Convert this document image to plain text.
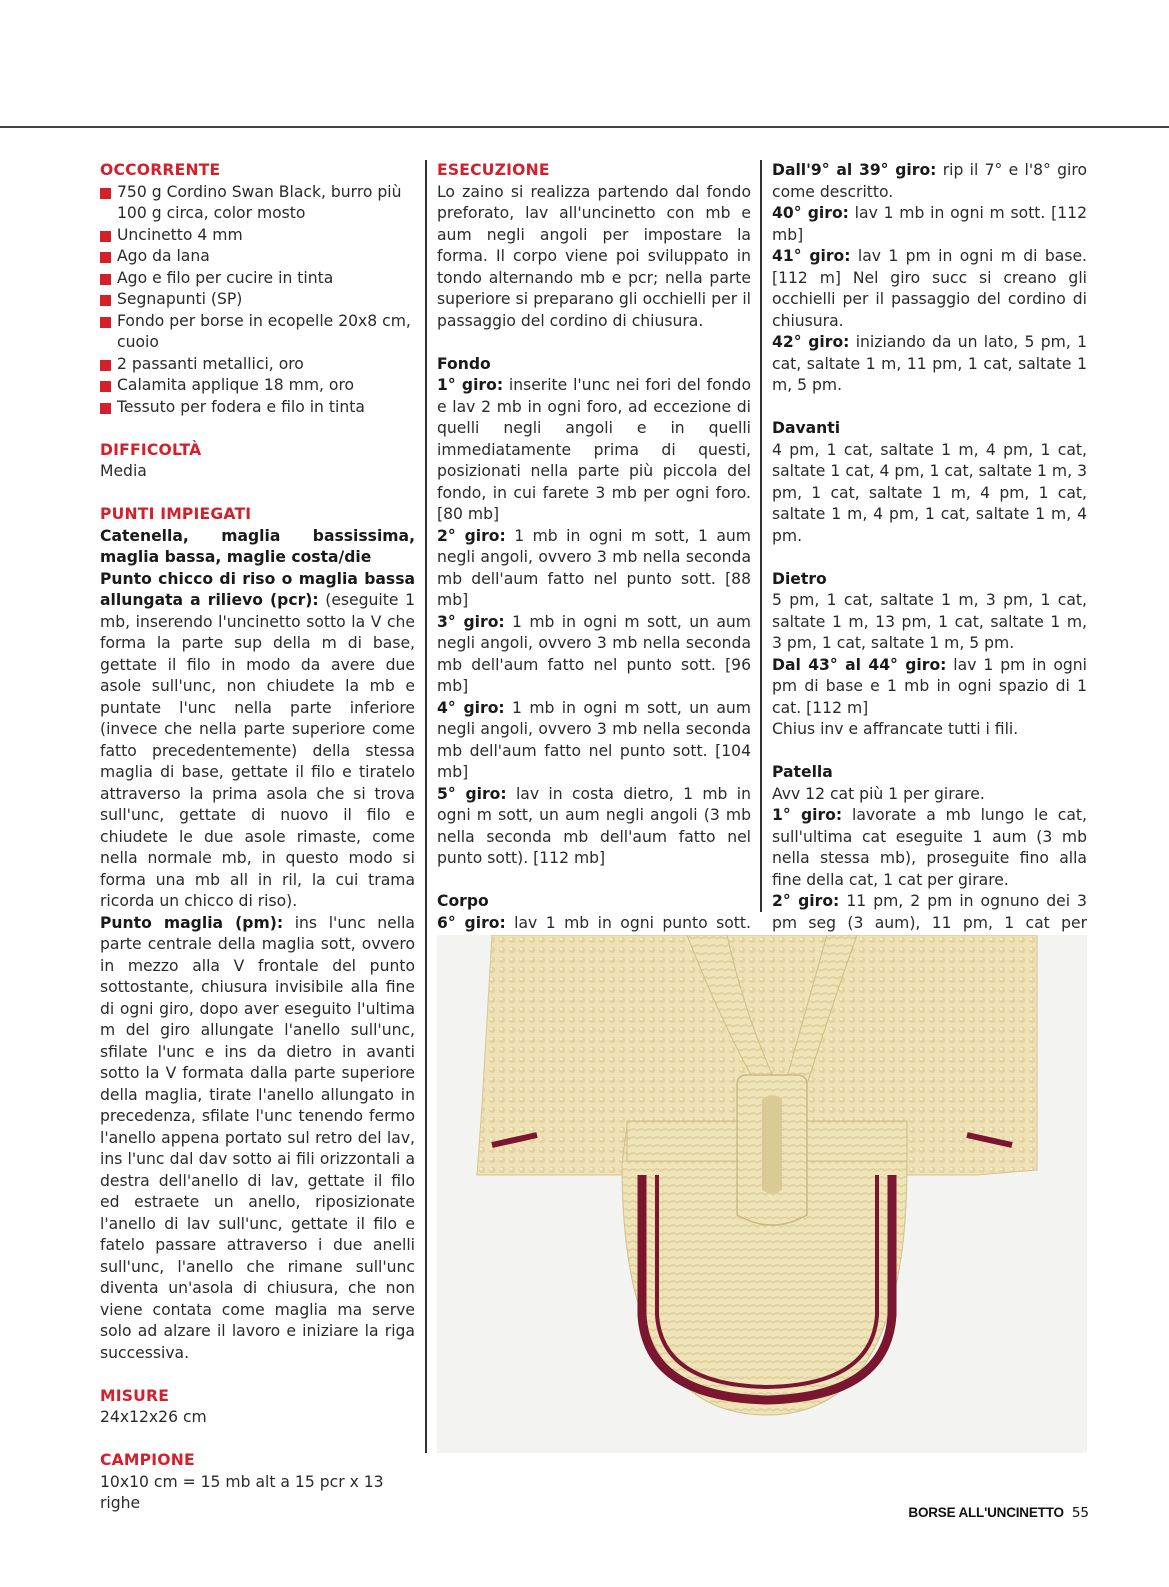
OCCORRENTE
750 g Cordino Swan Black, burro più 100 g circa, color mosto
Uncinetto 4 mm
Ago da lana
Ago e filo per cucire in tinta
Segnapunti (SP)
Fondo per borse in ecopelle 20x8 cm, cuoio
2 passanti metallici, oro
Calamita applique 18 mm, oro
Tessuto per fodera e filo in tinta
DIFFICOLTÀ

Media

PUNTI IMPIEGATI

Catenella, maglia bassissima, maglia bassa, maglie costa/die

Punto chicco di riso o maglia bassa allungata a rilievo (pcr): (eseguite 1 mb, inserendo l'uncinetto sotto la V che forma la parte sup della m di base, gettate il filo in modo da avere due asole sull'unc, non chiudete la mb e puntate l'unc nella parte inferiore (invece che nella parte superiore come fatto precedentemente) della stessa maglia di base, gettate il filo e tiratelo attraverso la prima asola che si trova sull'unc, gettate di nuovo il filo e chiudete le due asole rimaste, come nella normale mb, in questo modo si forma una mb all in ril, la cui trama ricorda un chicco di riso).

Punto maglia (pm): ins l'unc nella parte centrale della maglia sott, ovvero in mezzo alla V frontale del punto sottostante, chiusura invisibile alla fine di ogni giro, dopo aver eseguito l'ultima m del giro allungate l'anello sull'unc, sfilate l'unc e ins da dietro in avanti sotto la V formata dalla parte superiore della maglia, tirate l'anello allungato in precedenza, sfilate l'unc tenendo fermo l'anello appena portato sul retro del lav, ins l'unc dal dav sotto ai fili orizzontali a destra dell'anello di lav, gettate il filo ed estraete un anello, riposizionate l'anello di lav sull'unc, gettate il filo e fatelo passare attraverso i due anelli sull'unc, l'anello che rimane sull'unc diventa un'asola di chiusura, che non viene contata come maglia ma serve solo ad alzare il lavoro e iniziare la riga successiva.

MISURE

24x12x26 cm

CAMPIONE

10x10 cm = 15 mb alt a 15 pcr x 13 righe

ESECUZIONE

Lo zaino si realizza partendo dal fondo preforato, lav all'uncinetto con mb e aum negli angoli per impostare la forma. Il corpo viene poi sviluppato in tondo alternando mb e pcr; nella parte superiore si preparano gli occhielli per il passaggio del cordino di chiusura.

Fondo

1° giro: inserite l'unc nei fori del fondo e lav 2 mb in ogni foro, ad eccezione di quelli negli angoli e in quelli immediatamente prima di questi, posizionati nella parte più piccola del fondo, in cui farete 3 mb per ogni foro. [80 mb]

2° giro: 1 mb in ogni m sott, 1 aum negli angoli, ovvero 3 mb nella seconda mb dell'aum fatto nel punto sott. [88 mb]

3° giro: 1 mb in ogni m sott, un aum negli angoli, ovvero 3 mb nella seconda mb dell'aum fatto nel punto sott. [96 mb]

4° giro: 1 mb in ogni m sott, un aum negli angoli, ovvero 3 mb nella seconda mb dell'aum fatto nel punto sott. [104 mb]

5° giro: lav in costa dietro, 1 mb in ogni m sott, un aum negli angoli (3 mb nella seconda mb dell'aum fatto nel punto sott). [112 mb]

Corpo

6° giro: lav 1 mb in ogni punto sott.

Dall'9° al 39° giro: rip il 7° e l'8° giro come descritto.

40° giro: lav 1 mb in ogni m sott. [112 mb]

41° giro: lav 1 pm in ogni m di base. [112 m] Nel giro succ si creano gli occhielli per il passaggio del cordino di chiusura.

42° giro: iniziando da un lato, 5 pm, 1 cat, saltate 1 m, 11 pm, 1 cat, saltate 1 m, 5 pm.

Davanti

4 pm, 1 cat, saltate 1 m, 4 pm, 1 cat, saltate 1 cat, 4 pm, 1 cat, saltate 1 m, 3 pm, 1 cat, saltate 1 m, 4 pm, 1 cat, saltate 1 m, 4 pm, 1 cat, saltate 1 m, 4 pm.

Dietro

5 pm, 1 cat, saltate 1 m, 3 pm, 1 cat, saltate 1 m, 13 pm, 1 cat, saltate 1 m, 3 pm, 1 cat, saltate 1 m, 5 pm.

Dal 43° al 44° giro: lav 1 pm in ogni pm di base e 1 mb in ogni spazio di 1 cat. [112 m]

Chius inv e affrancate tutti i fili.

Patella

Avv 12 cat più 1 per girare.

1° giro: lavorate a mb lungo le cat, sull'ultima cat eseguite 1 aum (3 mb nella stessa mb), proseguite fino alla fine della cat, 1 cat per girare.

2° giro: 11 pm, 2 pm in ognuno dei 3 pm seg (3 aum), 11 pm, 1 cat per

BORSE ALL'UNCINETTO 55
